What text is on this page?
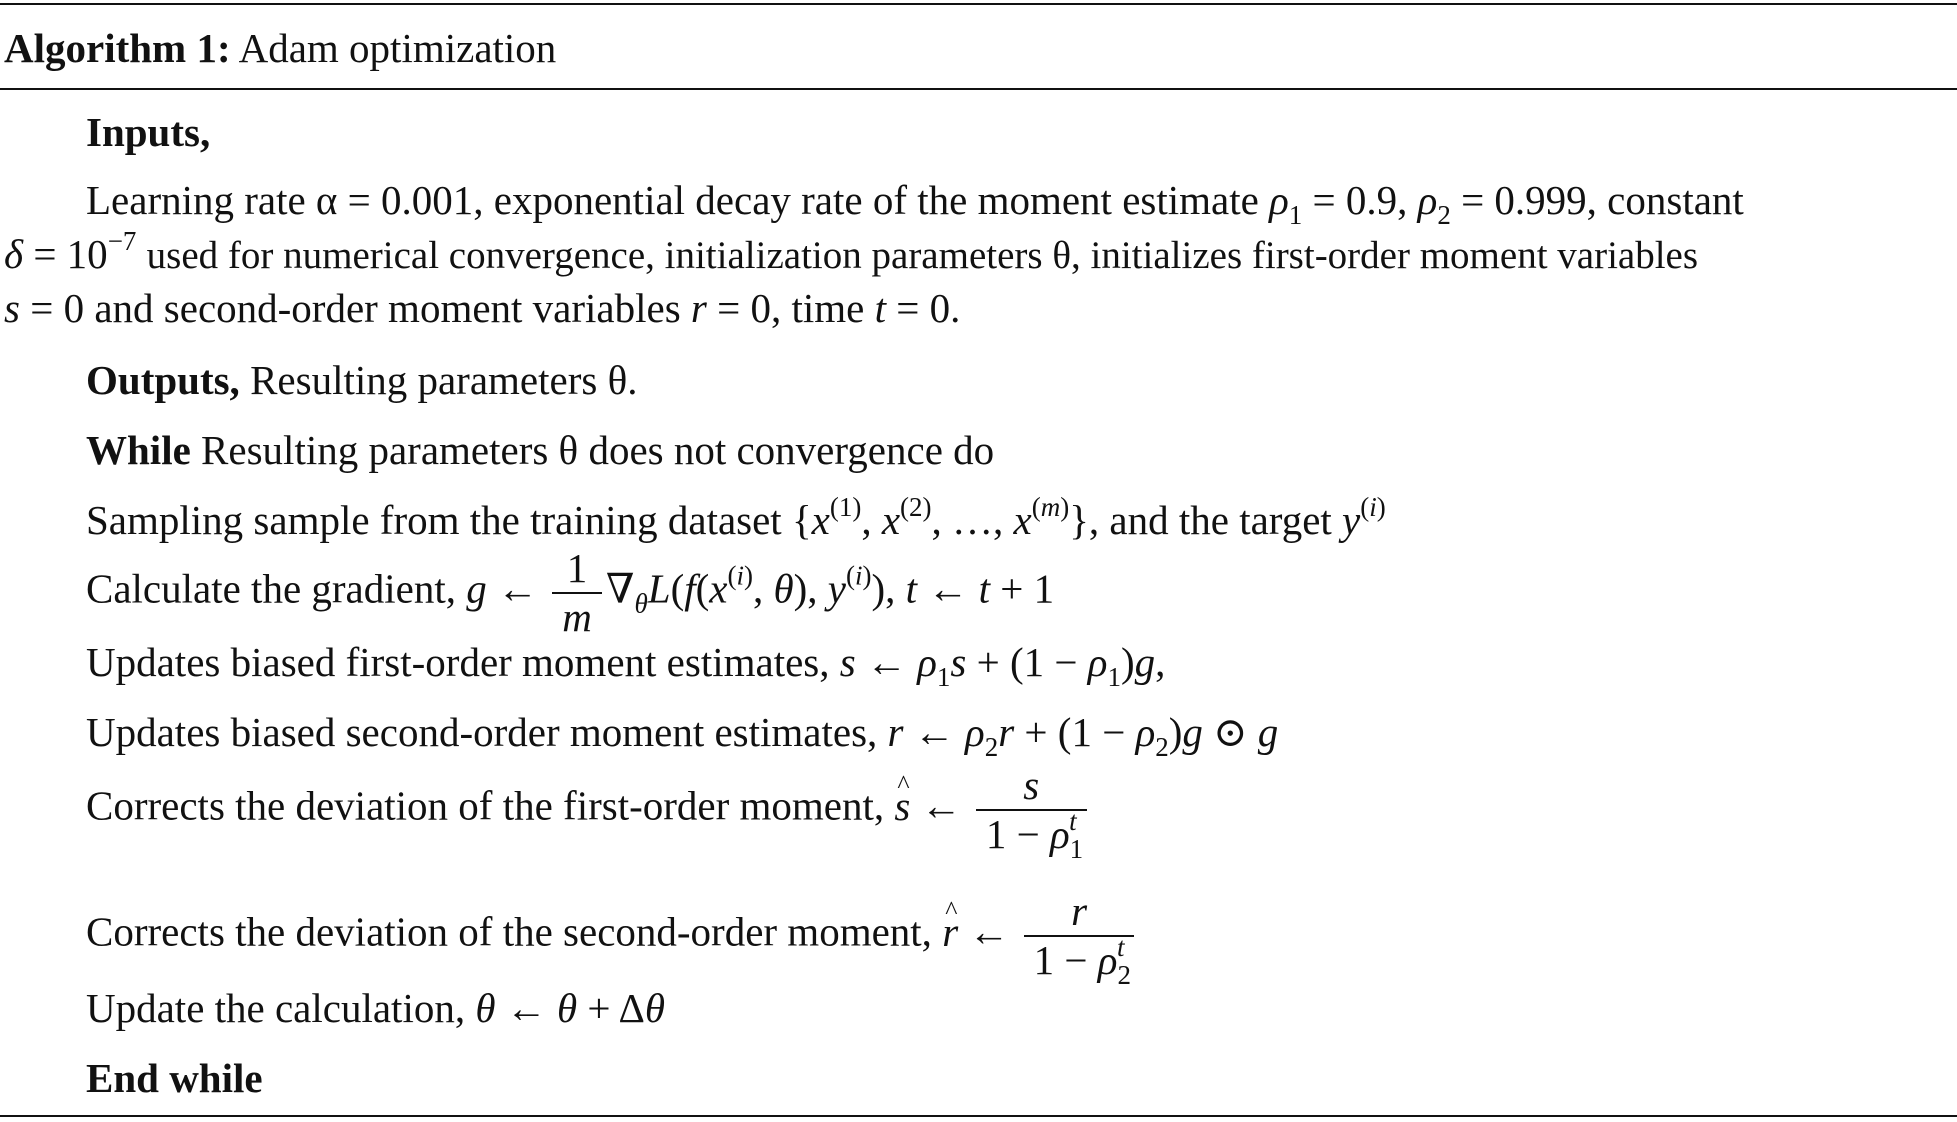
Algorithm 1: Adam optimization
Inputs,
Learning rate α = 0.001, exponential decay rate of the moment estimate $\rho_1 = 0.9$, $\rho_2 = 0.999$, constant
$\delta = 10^{-7}$ used for numerical convergence, initialization parameters θ, initializes first-order moment variables
s = 0 and second-order moment variables r = 0, time t = 0.
Outputs, Resulting parameters θ.
While Resulting parameters θ does not convergence do
Sampling sample from the training dataset {$x^{(1)}$, $x^{(2)}$, …, $x^{(m)}$}, and the target $y^{(i)}$
Calculate the gradient, g ← $\frac{1}{m} \nabla_\theta L(f(x^{(i)}$, θ), $y^{(i)}$), t ← t + 1
Updates biased first-order moment estimates, s ← $\rho_1s + (1 - \rho_1)g$,
Updates biased second-order moment estimates, r ← $\rho_2r + (1 - \rho_2)g$ ⊙ g
Corrects the deviation of the first-order moment, ^ s ← $\frac{s}{1 - \rho_1^t}$
Corrects the deviation of the second-order moment, ^ r ← $\frac{r}{1 - \rho_2^t}$
Update the calculation, θ ← θ + Δθ
End while
